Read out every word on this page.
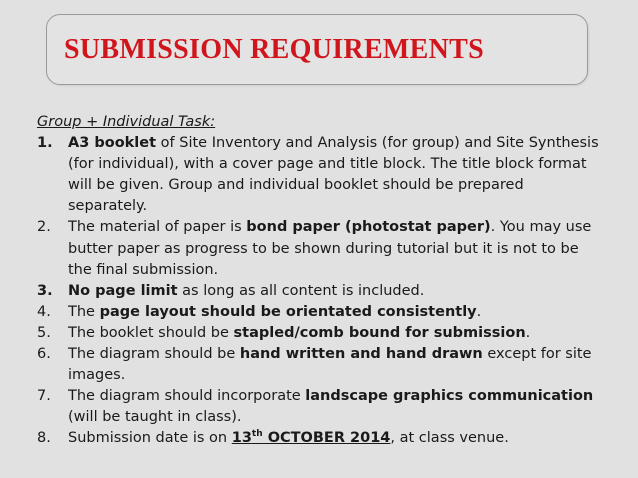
SUBMISSION REQUIREMENTS

Group + Individual Task:

1. A3 booklet of Site Inventory and Analysis (for group) and Site Synthesis (for individual), with a cover page and title block. The title block format will be given. Group and individual booklet should be prepared separately.
2. The material of paper is bond paper (photostat paper). You may use butter paper as progress to be shown during tutorial but it is not to be the final submission.
3. No page limit as long as all content is included.
4. The page layout should be orientated consistently.
5. The booklet should be stapled/comb bound for submission.
6. The diagram should be hand written and hand drawn except for site images.
7. The diagram should incorporate landscape graphics communication (will be taught in class).
8. Submission date is on 13th OCTOBER 2014, at class venue.
